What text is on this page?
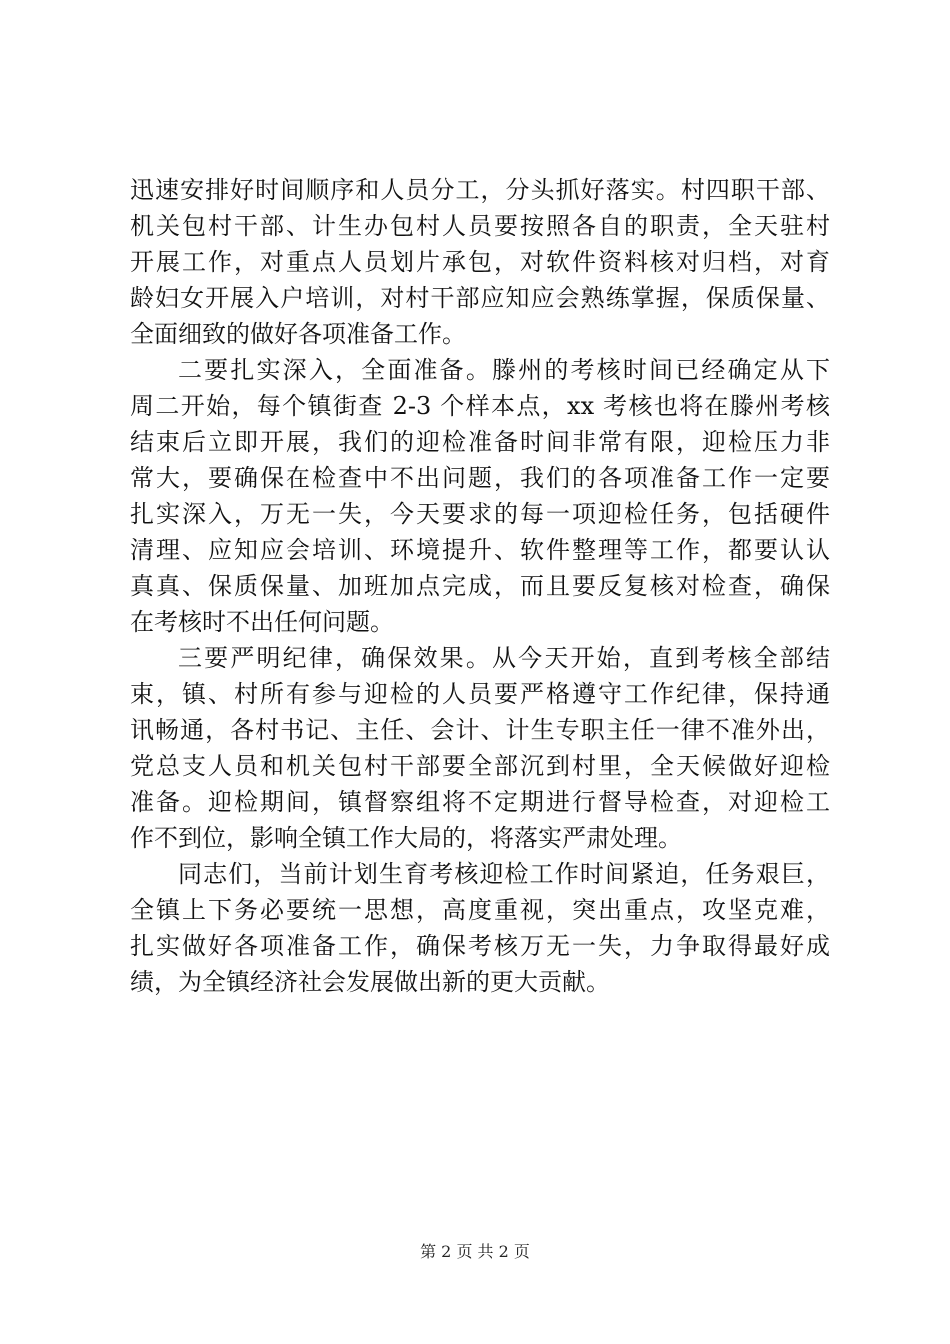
迅速安排好时间顺序和人员分工，分头抓好落实。村四职干部、
机关包村干部、计生办包村人员要按照各自的职责，全天驻村
开展工作，对重点人员划片承包，对软件资料核对归档，对育
龄妇女开展入户培训，对村干部应知应会熟练掌握，保质保量、
全面细致的做好各项准备工作。
二要扎实深入，全面准备。滕州的考核时间已经确定从下
周二开始，每个镇街查 2-3 个样本点，xx 考核也将在滕州考核
结束后立即开展，我们的迎检准备时间非常有限，迎检压力非
常大，要确保在检查中不出问题，我们的各项准备工作一定要
扎实深入，万无一失，今天要求的每一项迎检任务，包括硬件
清理、应知应会培训、环境提升、软件整理等工作，都要认认
真真、保质保量、加班加点完成，而且要反复核对检查，确保
在考核时不出任何问题。
三要严明纪律，确保效果。从今天开始，直到考核全部结
束，镇、村所有参与迎检的人员要严格遵守工作纪律，保持通
讯畅通，各村书记、主任、会计、计生专职主任一律不准外出，
党总支人员和机关包村干部要全部沉到村里，全天候做好迎检
准备。迎检期间，镇督察组将不定期进行督导检查，对迎检工
作不到位，影响全镇工作大局的，将落实严肃处理。
同志们，当前计划生育考核迎检工作时间紧迫，任务艰巨，
全镇上下务必要统一思想，高度重视，突出重点，攻坚克难，
扎实做好各项准备工作，确保考核万无一失，力争取得最好成
绩，为全镇经济社会发展做出新的更大贡献。
第 2 页 共 2 页
